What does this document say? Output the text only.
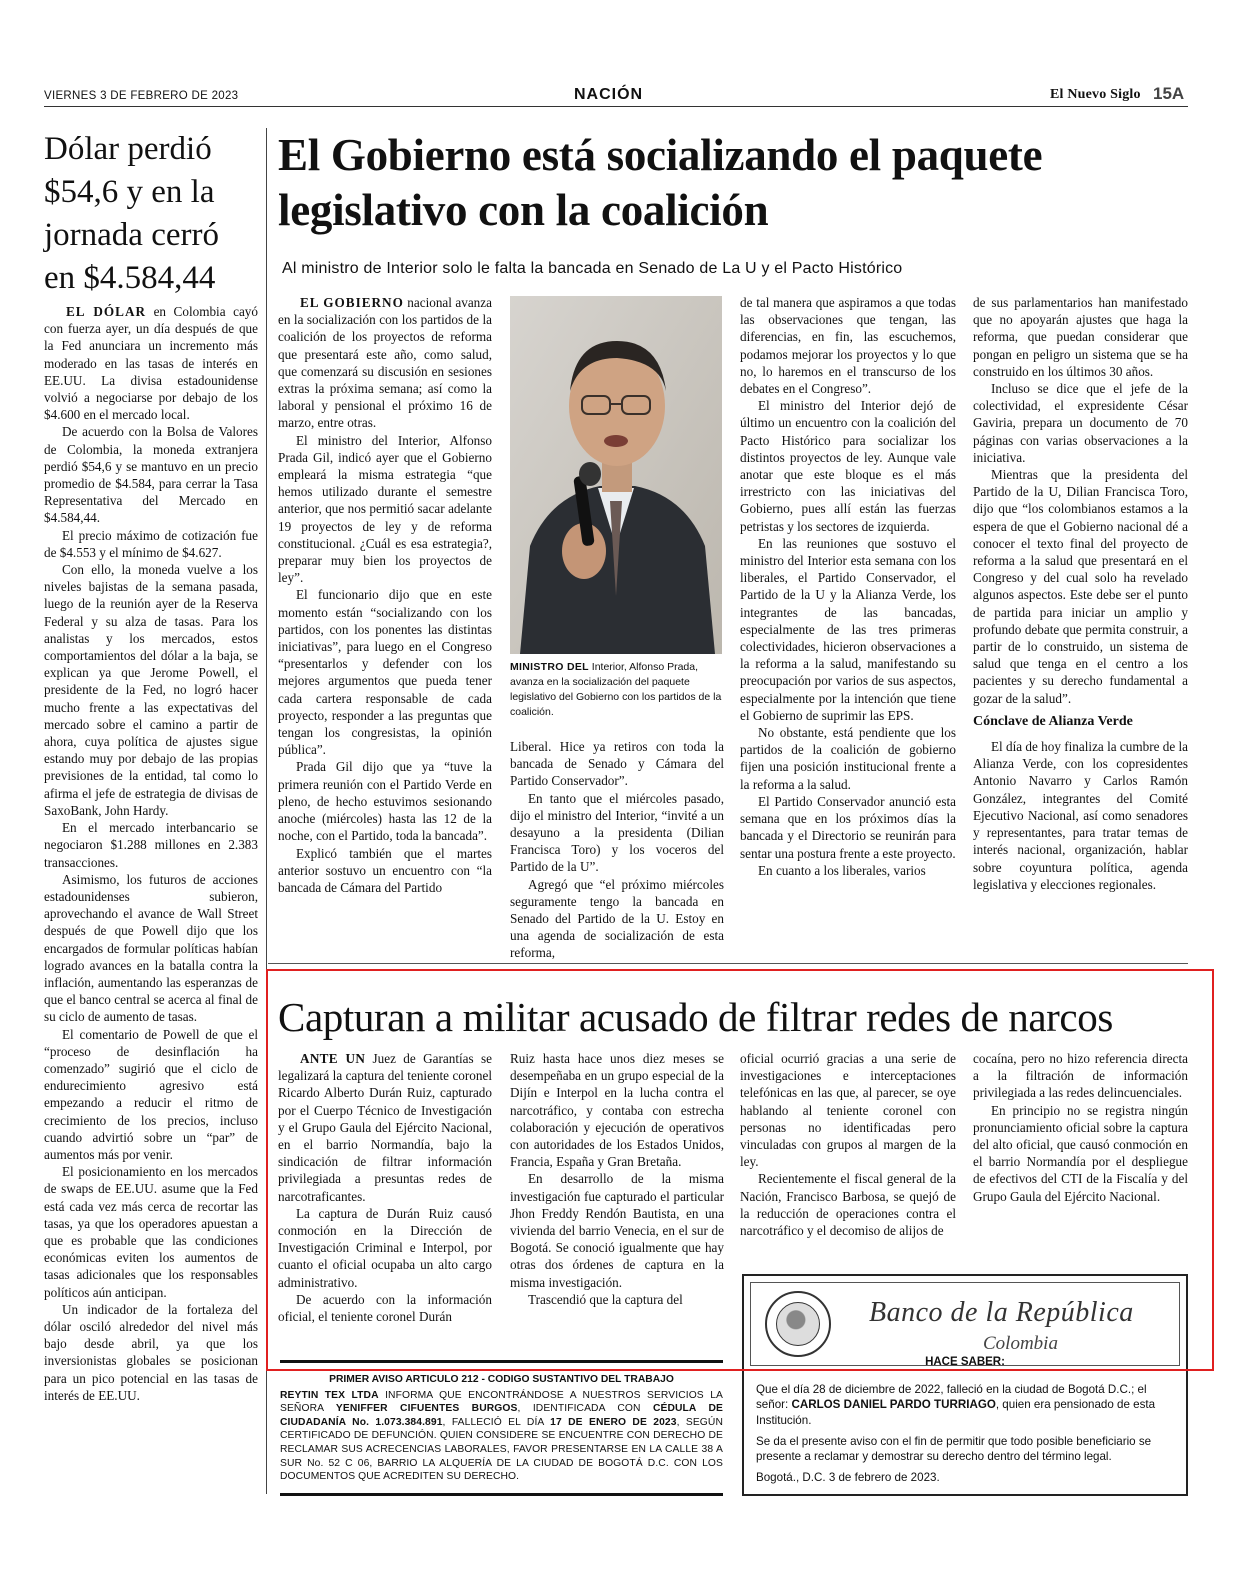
VIERNES 3 DE FEBRERO DE 2023	NACIÓN	El Nuevo Siglo 15A
Dólar perdió $54,6 y en la jornada cerró en $4.584,44

EL DÓLAR en Colombia cayó con fuerza ayer, un día después de que la Fed anunciara un incremento más moderado en las tasas de interés en EE.UU. La divisa estadounidense volvió a negociarse por debajo de los $4.600 en el mercado local.

De acuerdo con la Bolsa de Valores de Colombia, la moneda extranjera perdió $54,6 y se mantuvo en un precio promedio de $4.584, para cerrar la Tasa Representativa del Mercado en $4.584,44.

El precio máximo de cotización fue de $4.553 y el mínimo de $4.627.

Con ello, la moneda vuelve a los niveles bajistas de la semana pasada, luego de la reunión ayer de la Reserva Federal y su alza de tasas. Para los analistas y los mercados, estos comportamientos del dólar a la baja, se explican ya que Jerome Powell, el presidente de la Fed, no logró hacer mucho frente a las expectativas del mercado sobre el camino a partir de ahora, cuya política de ajustes sigue estando muy por debajo de las propias previsiones de la entidad, tal como lo afirma el jefe de estrategia de divisas de SaxoBank, John Hardy.

En el mercado interbancario se negociaron $1.288 millones en 2.383 transacciones.

Asimismo, los futuros de acciones estadounidenses subieron, aprovechando el avance de Wall Street después de que Powell dijo que los encargados de formular políticas habían logrado avances en la batalla contra la inflación, aumentando las esperanzas de que el banco central se acerca al final de su ciclo de aumento de tasas.

El comentario de Powell de que el “proceso de desinflación ha comenzado” sugirió que el ciclo de endurecimiento agresivo está empezando a reducir el ritmo de crecimiento de los precios, incluso cuando advirtió sobre un “par” de aumentos más por venir.

El posicionamiento en los mercados de swaps de EE.UU. asume que la Fed está cada vez más cerca de recortar las tasas, ya que los operadores apuestan a que es probable que las condiciones económicas eviten los aumentos de tasas adicionales que los responsables políticos aún anticipan.

Un indicador de la fortaleza del dólar osciló alrededor del nivel más bajo desde abril, ya que los inversionistas globales se posicionan para un pico potencial en las tasas de interés de EE.UU.

El Gobierno está socializando el paquete legislativo con la coalición
Al ministro de Interior solo le falta la bancada en Senado de La U y el Pacto Histórico

EL GOBIERNO nacional avanza en la socialización con los partidos de la coalición de los proyectos de reforma que presentará este año, como salud, que comenzará su discusión en sesiones extras la próxima semana; así como la laboral y pensional el próximo 16 de marzo, entre otras.

El ministro del Interior, Alfonso Prada Gil, indicó ayer que el Gobierno empleará la misma estrategia “que hemos utilizado durante el semestre anterior, que nos permitió sacar adelante 19 proyectos de ley y de reforma constitucional. ¿Cuál es esa estrategia?, preparar muy bien los proyectos de ley”.

El funcionario dijo que en este momento están “socializando con los partidos, con los ponentes las distintas iniciativas”, para luego en el Congreso “presentarlos y defender con los mejores argumentos que pueda tener cada cartera responsable de cada proyecto, responder a las preguntas que tengan los congresistas, la opinión pública”.

Prada Gil dijo que ya “tuve la primera reunión con el Partido Verde en pleno, de hecho estuvimos sesionando anoche (miércoles) hasta las 12 de la noche, con el Partido, toda la bancada”.

Explicó también que el martes anterior sostuvo un encuentro con “la bancada de Cámara del Partido

MINISTRO DEL Interior, Alfonso Prada, avanza en la socialización del paquete legislativo del Gobierno con los partidos de la coalición.

Liberal. Hice ya retiros con toda la bancada de Senado y Cámara del Partido Conservador”.

En tanto que el miércoles pasado, dijo el ministro del Interior, “invité a un desayuno a la presidenta (Dilian Francisca Toro) y los voceros del Partido de la U”.

Agregó que “el próximo miércoles seguramente tengo la bancada en Senado del Partido de la U. Estoy en una agenda de socialización de esta reforma,

de tal manera que aspiramos a que todas las observaciones que tengan, las diferencias, en fin, las escuchemos, podamos mejorar los proyectos y lo que no, lo haremos en el transcurso de los debates en el Congreso”.

El ministro del Interior dejó de último un encuentro con la coalición del Pacto Histórico para socializar los distintos proyectos de ley. Aunque vale anotar que este bloque es el más irrestricto con las iniciativas del Gobierno, pues allí están las fuerzas petristas y los sectores de izquierda.

En las reuniones que sostuvo el ministro del Interior esta semana con los liberales, el Partido Conservador, el Partido de la U y la Alianza Verde, los integrantes de las bancadas, especialmente de las tres primeras colectividades, hicieron observaciones a la reforma a la salud, manifestando su preocupación por varios de sus aspectos, especialmente por la intención que tiene el Gobierno de suprimir las EPS.

No obstante, está pendiente que los partidos de la coalición de gobierno fijen una posición institucional frente a la reforma a la salud.

El Partido Conservador anunció esta semana que en los próximos días la bancada y el Directorio se reunirán para sentar una postura frente a este proyecto.

En cuanto a los liberales, varios

de sus parlamentarios han manifestado que no apoyarán ajustes que haga la reforma, que puedan considerar que pongan en peligro un sistema que se ha construido en los últimos 30 años.

Incluso se dice que el jefe de la colectividad, el expresidente César Gaviria, prepara un documento de 70 páginas con varias observaciones a la iniciativa.

Mientras que la presidenta del Partido de la U, Dilian Francisca Toro, dijo que “los colombianos estamos a la espera de que el Gobierno nacional dé a conocer el texto final del proyecto de reforma a la salud que presentará en el Congreso y del cual solo ha revelado algunos aspectos. Este debe ser el punto de partida para iniciar un amplio y profundo debate que permita construir, a partir de lo construido, un sistema de salud que tenga en el centro a los pacientes y su derecho fundamental a gozar de la salud”.

Cónclave de Alianza Verde

El día de hoy finaliza la cumbre de la Alianza Verde, con los copresidentes Antonio Navarro y Carlos Ramón González, integrantes del Comité Ejecutivo Nacional, así como senadores y representantes, para tratar temas de interés nacional, organización, hablar sobre coyuntura política, agenda legislativa y elecciones regionales.

Capturan a militar acusado de filtrar redes de narcos

ANTE UN Juez de Garantías se legalizará la captura del teniente coronel Ricardo Alberto Durán Ruiz, capturado por el Cuerpo Técnico de Investigación y el Grupo Gaula del Ejército Nacional, en el barrio Normandía, bajo la sindicación de filtrar información privilegiada a presuntas redes de narcotraficantes.

La captura de Durán Ruiz causó conmoción en la Dirección de Investigación Criminal e Interpol, por cuanto el oficial ocupaba un alto cargo administrativo.

De acuerdo con la información oficial, el teniente coronel Durán

Ruiz hasta hace unos diez meses se desempeñaba en un grupo especial de la Dijín e Interpol en la lucha contra el narcotráfico, y contaba con estrecha colaboración y ejecución de operativos con autoridades de los Estados Unidos, Francia, España y Gran Bretaña.

En desarrollo de la misma investigación fue capturado el particular Jhon Freddy Rendón Bautista, en una vivienda del barrio Venecia, en el sur de Bogotá. Se conoció igualmente que hay otras dos órdenes de captura en la misma investigación.

Trascendió que la captura del

oficial ocurrió gracias a una serie de investigaciones e interceptaciones telefónicas en las que, al parecer, se oye hablando al teniente coronel con personas no identificadas pero vinculadas con grupos al margen de la ley.

Recientemente el fiscal general de la Nación, Francisco Barbosa, se quejó de la reducción de operaciones contra el narcotráfico y el decomiso de alijos de

cocaína, pero no hizo referencia directa a la filtración de información privilegiada a las redes delincuenciales.

En principio no se registra ningún pronunciamiento oficial sobre la captura del alto oficial, que causó conmoción en el barrio Normandía por el despliegue de efectivos del CTI de la Fiscalía y del Grupo Gaula del Ejército Nacional.

PRIMER AVISO ARTICULO 212 - CODIGO SUSTANTIVO DEL TRABAJO
REYTIN TEX LTDA INFORMA QUE ENCONTRÁNDOSE A NUESTROS SERVICIOS LA SEÑORA YENIFFER CIFUENTES BURGOS, IDENTIFICADA CON CÉDULA DE CIUDADANÍA No. 1.073.384.891, FALLECIÓ EL DÍA 17 DE ENERO DE 2023, SEGÚN CERTIFICADO DE DEFUNCIÓN. QUIEN CONSIDERE SE ENCUENTRE CON DERECHO DE RECLAMAR SUS ACRECENCIAS LABORALES, FAVOR PRESENTARSE EN LA CALLE 38 A SUR No. 52 C 06, BARRIO LA ALQUERÍA DE LA CIUDAD DE BOGOTÁ D.C. CON LOS DOCUMENTOS QUE ACREDITEN SU DERECHO.
Banco de la República
Colombia
HACE SABER:

Que el día 28 de diciembre de 2022, falleció en la ciudad de Bogotá D.C.; el señor: CARLOS DANIEL PARDO TURRIAGO, quien era pensionado de esta Institución.

Se da el presente aviso con el fin de permitir que todo posible beneficiario se presente a reclamar y demostrar su derecho dentro del término legal.

Bogotá., D.C. 3 de febrero de 2023.
